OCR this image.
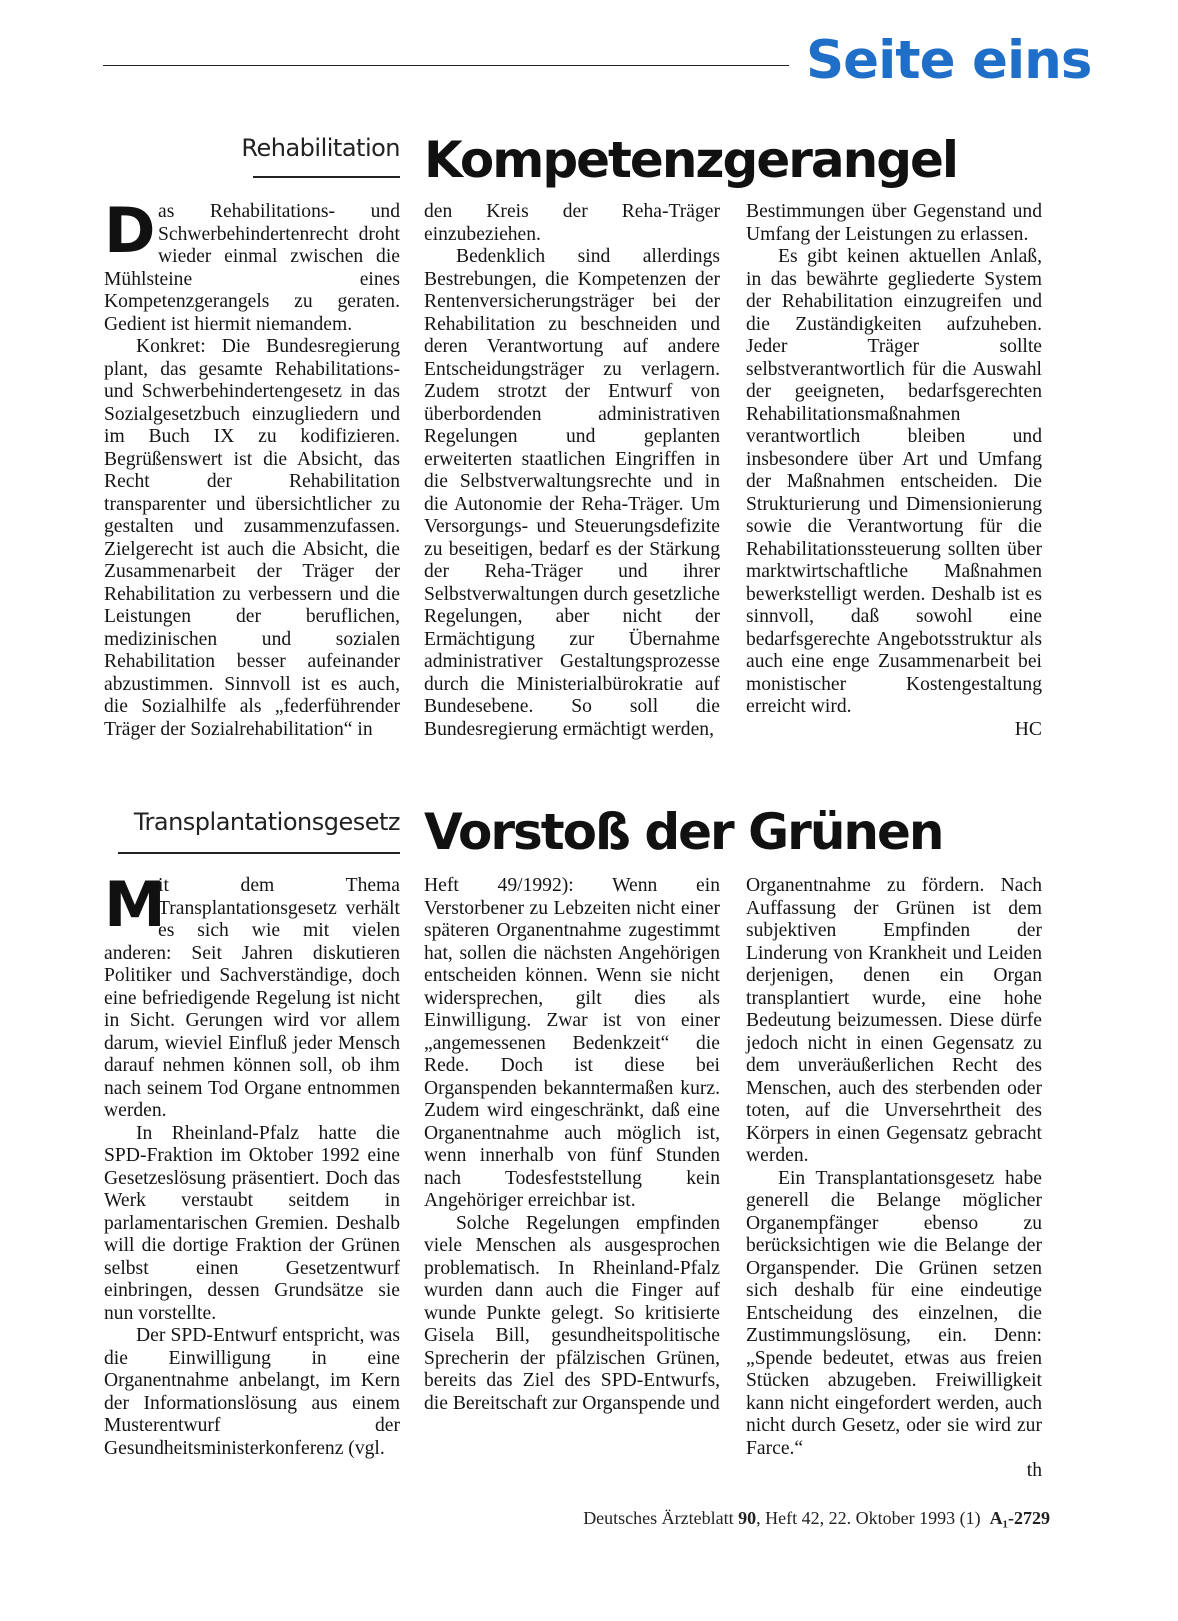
Seite eins
Rehabilitation Kompetenzgerangel

Das Rehabilitations- und Schwerbehindertenrecht droht wieder einmal zwischen die Mühlsteine eines Kompetenzgerangels zu geraten. Gedient ist hiermit niemandem.

Konkret: Die Bundesregierung plant, das gesamte Rehabilitations- und Schwerbehindertengesetz in das Sozialgesetzbuch einzugliedern und im Buch IX zu kodifizieren. Begrüßenswert ist die Absicht, das Recht der Rehabilitation transparenter und übersichtlicher zu gestalten und zusammenzufassen. Zielgerecht ist auch die Absicht, die Zusammenarbeit der Träger der Rehabilitation zu verbessern und die Leistungen der beruflichen, medizinischen und sozialen Rehabilitation besser aufeinander abzustimmen. Sinnvoll ist es auch, die Sozialhilfe als „federführender Träger der Sozialrehabilitation“ in

den Kreis der Reha-Träger einzubeziehen.

Bedenklich sind allerdings Bestrebungen, die Kompetenzen der Rentenversicherungsträger bei der Rehabilitation zu beschneiden und deren Verantwortung auf andere Entscheidungsträger zu verlagern. Zudem strotzt der Entwurf von überbordenden administrativen Regelungen und geplanten erweiterten staatlichen Eingriffen in die Selbstverwaltungsrechte und in die Autonomie der Reha-Träger. Um Versorgungs- und Steuerungsdefizite zu beseitigen, bedarf es der Stärkung der Reha-Träger und ihrer Selbstverwaltungen durch gesetzliche Regelungen, aber nicht der Ermächtigung zur Übernahme administrativer Gestaltungsprozesse durch die Ministerialbürokratie auf Bundesebene. So soll die Bundesregierung ermächtigt werden,

Bestimmungen über Gegenstand und Umfang der Leistungen zu erlassen.

Es gibt keinen aktuellen Anlaß, in das bewährte gegliederte System der Rehabilitation einzugreifen und die Zuständigkeiten aufzuheben. Jeder Träger sollte selbstverantwortlich für die Auswahl der geeigneten, bedarfsgerechten Rehabilitationsmaßnahmen verantwortlich bleiben und insbesondere über Art und Umfang der Maßnahmen entscheiden. Die Strukturierung und Dimensionierung sowie die Verantwortung für die Rehabilitationssteuerung sollten über marktwirtschaftliche Maßnahmen bewerkstelligt werden. Deshalb ist es sinnvoll, daß sowohl eine bedarfsgerechte Angebotsstruktur als auch eine enge Zusammenarbeit bei monistischer Kostengestaltung erreicht wird.

HC
Transplantationsgesetz Vorstoß der Grünen

M
it dem Thema Transplantationsgesetz verhält es sich wie mit vielen anderen: Seit Jahren diskutieren Politiker und Sachverständige, doch eine befriedigende Regelung ist nicht in Sicht. Gerungen wird vor allem darum, wieviel Einfluß jeder Mensch darauf nehmen können soll, ob ihm nach seinem Tod Organe entnommen werden.

In Rheinland-Pfalz hatte die SPD-Fraktion im Oktober 1992 eine Gesetzeslösung präsentiert. Doch das Werk verstaubt seitdem in parlamentarischen Gremien. Deshalb will die dortige Fraktion der Grünen selbst einen Gesetzentwurf einbringen, dessen Grundsätze sie nun vorstellte.

Der SPD-Entwurf entspricht, was die Einwilligung in eine Organentnahme anbelangt, im Kern der Informationslösung aus einem Musterentwurf der Gesundheitsministerkonferenz (vgl.

Heft 49/1992): Wenn ein Verstorbener zu Lebzeiten nicht einer späteren Organentnahme zugestimmt hat, sollen die nächsten Angehörigen entscheiden können. Wenn sie nicht widersprechen, gilt dies als Einwilligung. Zwar ist von einer „angemessenen Bedenkzeit“ die Rede. Doch ist diese bei Organspenden bekanntermaßen kurz. Zudem wird eingeschränkt, daß eine Organentnahme auch möglich ist, wenn innerhalb von fünf Stunden nach Todesfeststellung kein Angehöriger erreichbar ist.

Solche Regelungen empfinden viele Menschen als ausgesprochen problematisch. In Rheinland-Pfalz wurden dann auch die Finger auf wunde Punkte gelegt. So kritisierte Gisela Bill, gesundheitspolitische Sprecherin der pfälzischen Grünen, bereits das Ziel des SPD-Entwurfs, die Bereitschaft zur Organspende und

Organentnahme zu fördern. Nach Auffassung der Grünen ist dem subjektiven Empfinden der Linderung von Krankheit und Leiden derjenigen, denen ein Organ transplantiert wurde, eine hohe Bedeutung beizumessen. Diese dürfe jedoch nicht in einen Gegensatz zu dem unveräußerlichen Recht des Menschen, auch des sterbenden oder toten, auf die Unversehrtheit des Körpers in einen Gegensatz gebracht werden.

Ein Transplantationsgesetz habe generell die Belange möglicher Organempfänger ebenso zu berücksichtigen wie die Belange der Organspender. Die Grünen setzen sich deshalb für eine eindeutige Entscheidung des einzelnen, die Zustimmungslösung, ein. Denn: „Spende bedeutet, etwas aus freien Stücken abzugeben. Freiwilligkeit kann nicht eingefordert werden, auch nicht durch Gesetz, oder sie wird zur Farce.“

th
Deutsches Ärzteblatt 90, Heft 42, 22. Oktober 1993 (1) A₁-2729
